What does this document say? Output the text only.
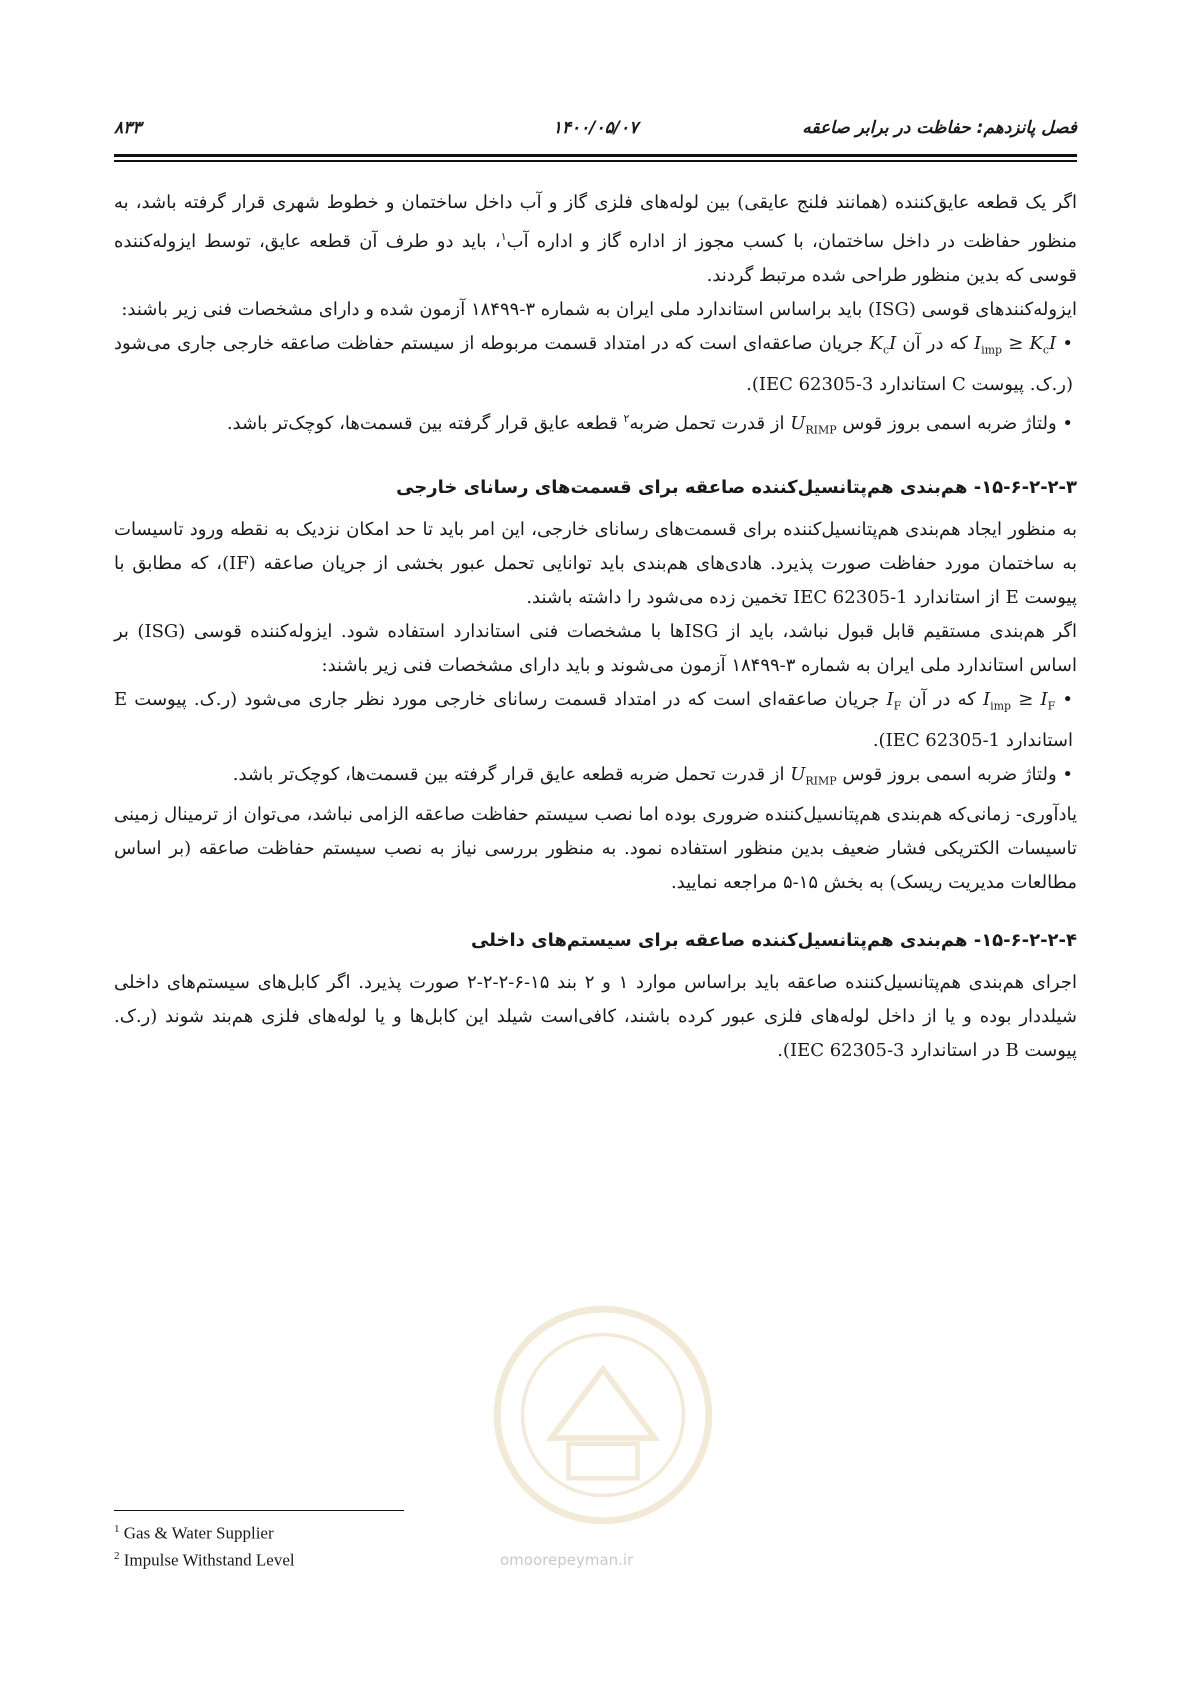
فصل پانزدهم: حفاظت در برابر صاعقه
۱۴۰۰/۰۵/۰۷
۸۳۳

اگر یک قطعه عایق‌کننده (همانند فلنج عایقی) بین لوله‌های فلزی گاز و آب داخل ساختمان و خطوط شهری قرار گرفته باشد، به منظور حفاظت در داخل ساختمان، با کسب مجوز از اداره گاز و اداره آب$^۱$، باید دو طرف آن قطعه عایق، توسط ایزوله‌کننده قوسی که بدین منظور طراحی شده مرتبط گردند.

ایزوله‌کنندهای قوسی (ISG) باید براساس استاندارد ملی ایران به شماره ۳-۱۸۴۹۹ آزمون شده و دارای مشخصات فنی زیر باشند:

• $I_{imp} \ge K_cI$ که در آن $K_cI$ جریان صاعقه‌ای است که در امتداد قسمت مربوطه از سیستم حفاظت صاعقه خارجی جاری می‌شود (ر.ک. پیوست C استاندارد IEC 62305-3).

• ولتاژ ضربه اسمی بروز قوس $U_{RIMP}$ از قدرت تحمل ضربه$^۲$ قطعه عایق قرار گرفته بین قسمت‌ها، کوچک‌تر باشد.

۱۵-۶-۲-۲-۳- هم‌بندی هم‌پتانسیل‌کننده صاعقه برای قسمت‌های رسانای خارجی

به منظور ایجاد هم‌بندی هم‌پتانسیل‌کننده برای قسمت‌های رسانای خارجی، این امر باید تا حد امکان نزدیک به نقطه ورود تاسیسات به ساختمان مورد حفاظت صورت پذیرد. هادی‌های هم‌بندی باید توانایی تحمل عبور بخشی از جریان صاعقه (IF)، که مطابق با پیوست E از استاندارد IEC 62305-1 تخمین زده می‌شود را داشته باشند.

اگر هم‌بندی مستقیم قابل قبول نباشد، باید از ISGها با مشخصات فنی استاندارد استفاده شود. ایزوله‌کننده قوسی (ISG) بر اساس استاندارد ملی ایران به شماره ۳-۱۸۴۹۹ آزمون می‌شوند و باید دارای مشخصات فنی زیر باشند:

• $I_{imp} \ge I_F$ که در آن $I_F$ جریان صاعقه‌ای است که در امتداد قسمت رسانای خارجی مورد نظر جاری می‌شود (ر.ک. پیوست E استاندارد IEC 62305-1).

• ولتاژ ضربه اسمی بروز قوس $U_{RIMP}$ از قدرت تحمل ضربه قطعه عایق قرار گرفته بین قسمت‌ها، کوچک‌تر باشد.

یادآوری- زمانی‌که هم‌بندی هم‌پتانسیل‌کننده ضروری بوده اما نصب سیستم حفاظت صاعقه الزامی نباشد، می‌توان از ترمینال زمینی تاسیسات الکتریکی فشار ضعیف بدین منظور استفاده نمود. به منظور بررسی نیاز به نصب سیستم حفاظت صاعقه (بر اساس مطالعات مدیریت ریسک) به بخش ۱۵-۵ مراجعه نمایید.

۱۵-۶-۲-۲-۴- هم‌بندی هم‌پتانسیل‌کننده صاعقه برای سیستم‌های داخلی

اجرای هم‌بندی هم‌پتانسیل‌کننده صاعقه باید براساس موارد ۱ و ۲ بند ۱۵-۶-۲-۲-۲ صورت پذیرد. اگر کابل‌های سیستم‌های داخلی شیلددار بوده و یا از داخل لوله‌های فلزی عبور کرده باشند، کافی‌است شیلد این کابل‌ها و یا لوله‌های فلزی هم‌بند شوند (ر.ک. پیوست B در استاندارد IEC 62305-3).

omoorepeyman.ir
$^1$ Gas & Water Supplier
$^2$ Impulse Withstand Level
